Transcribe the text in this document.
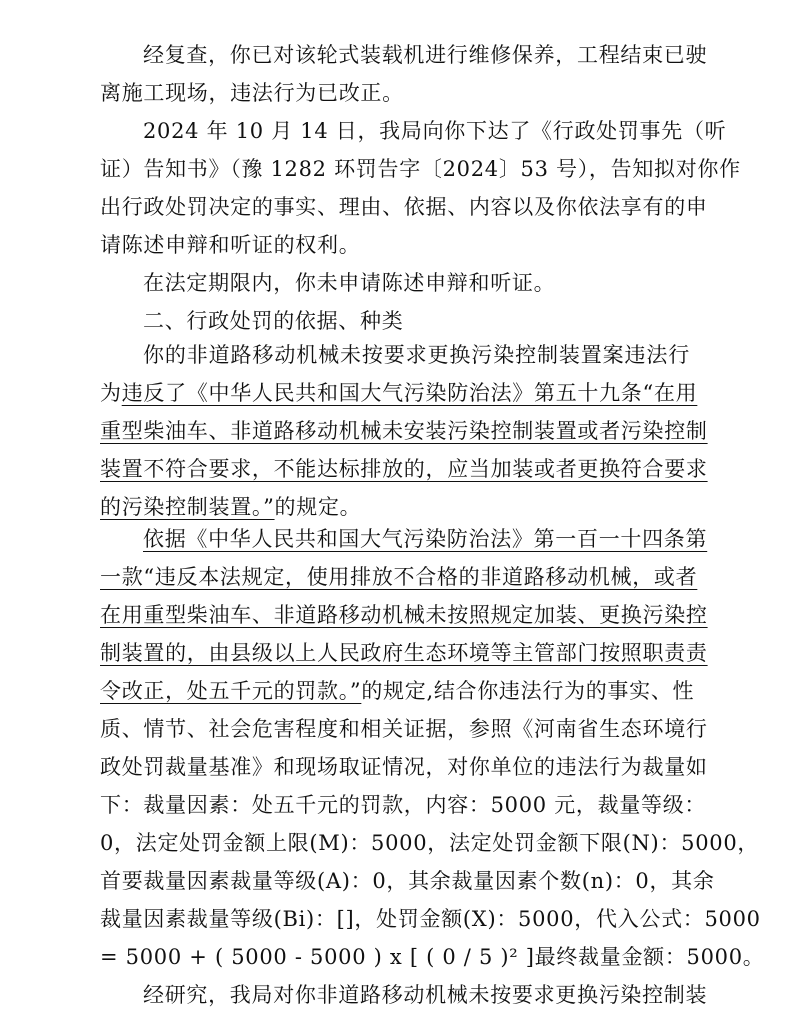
经复查，你已对该轮式装载机进行维修保养，工程结束已驶
离施工现场，违法行为已改正。
2024 年 10 月 14 日，我局向你下达了《行政处罚事先（听
证）告知书》（豫 1282 环罚告字〔2024〕53 号），告知拟对你作
出行政处罚决定的事实、理由、依据、内容以及你依法享有的申
请陈述申辩和听证的权利。
在法定期限内，你未申请陈述申辩和听证。
二、行政处罚的依据、种类
你的非道路移动机械未按要求更换污染控制装置案违法行
为违反了《中华人民共和国大气污染防治法》第五十九条“在用
重型柴油车、非道路移动机械未安装污染控制装置或者污染控制
装置不符合要求，不能达标排放的，应当加装或者更换符合要求
的污染控制装置。”的规定。
依据《中华人民共和国大气污染防治法》第一百一十四条第
一款“违反本法规定，使用排放不合格的非道路移动机械，或者
在用重型柴油车、非道路移动机械未按照规定加装、更换污染控
制装置的，由县级以上人民政府生态环境等主管部门按照职责责
令改正，处五千元的罚款。”的规定,结合你违法行为的事实、性
质、情节、社会危害程度和相关证据，参照《河南省生态环境行
政处罚裁量基准》和现场取证情况，对你单位的违法行为裁量如
下：裁量因素：处五千元的罚款，内容：5000 元，裁量等级：
0，法定处罚金额上限(M)：5000，法定处罚金额下限(N)：5000，
首要裁量因素裁量等级(A)：0，其余裁量因素个数(n)：0，其余
裁量因素裁量等级(Bi)：[]，处罚金额(X)：5000，代入公式：5000
= 5000 + ( 5000 - 5000 ) x [ ( 0 / 5 )² ]最终裁量金额：5000。
经研究，我局对你非道路移动机械未按要求更换污染控制装
